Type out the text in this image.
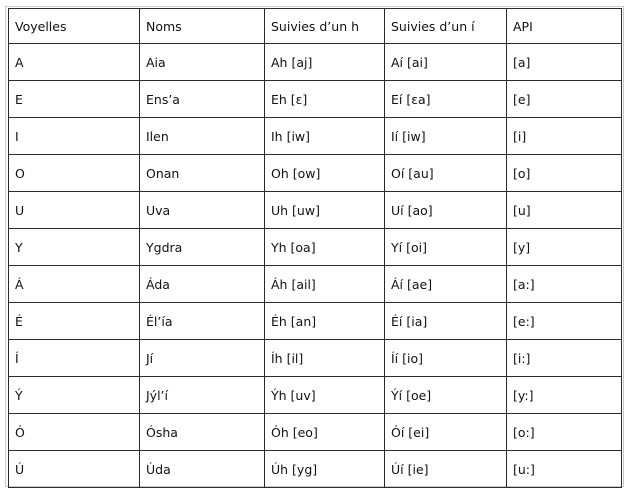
Voyelles	Noms	Suivies d’un h	Suivies d’un í	API
A	Aia	Ah [aj]	Aí [ai]	[a]
E	Ens’a	Eh [ɛ]	Eí [ɛa]	[e]
I	Ilen	Ih [iw]	Ií [iw]	[i]
O	Onan	Oh [ow]	Oí [au]	[o]
U	Uva	Uh [uw]	Uí [ao]	[u]
Y	Ygdra	Yh [oa]	Yí [oi]	[y]
Á	Áda	Áh [ail]	Áí [ae]	[a:]
É	Él’ía	Éh [an]	Éí [ia]	[e:]
Í	Jí	Íh [il]	Íí [io]	[i:]
Ý	Jýl’í	Ýh [uv]	Ýí [oe]	[y:]
Ó	Ósha	Óh [eo]	Óí [ei]	[o:]
Ú	Úda	Úh [yg]	Úí [ie]	[u:]
